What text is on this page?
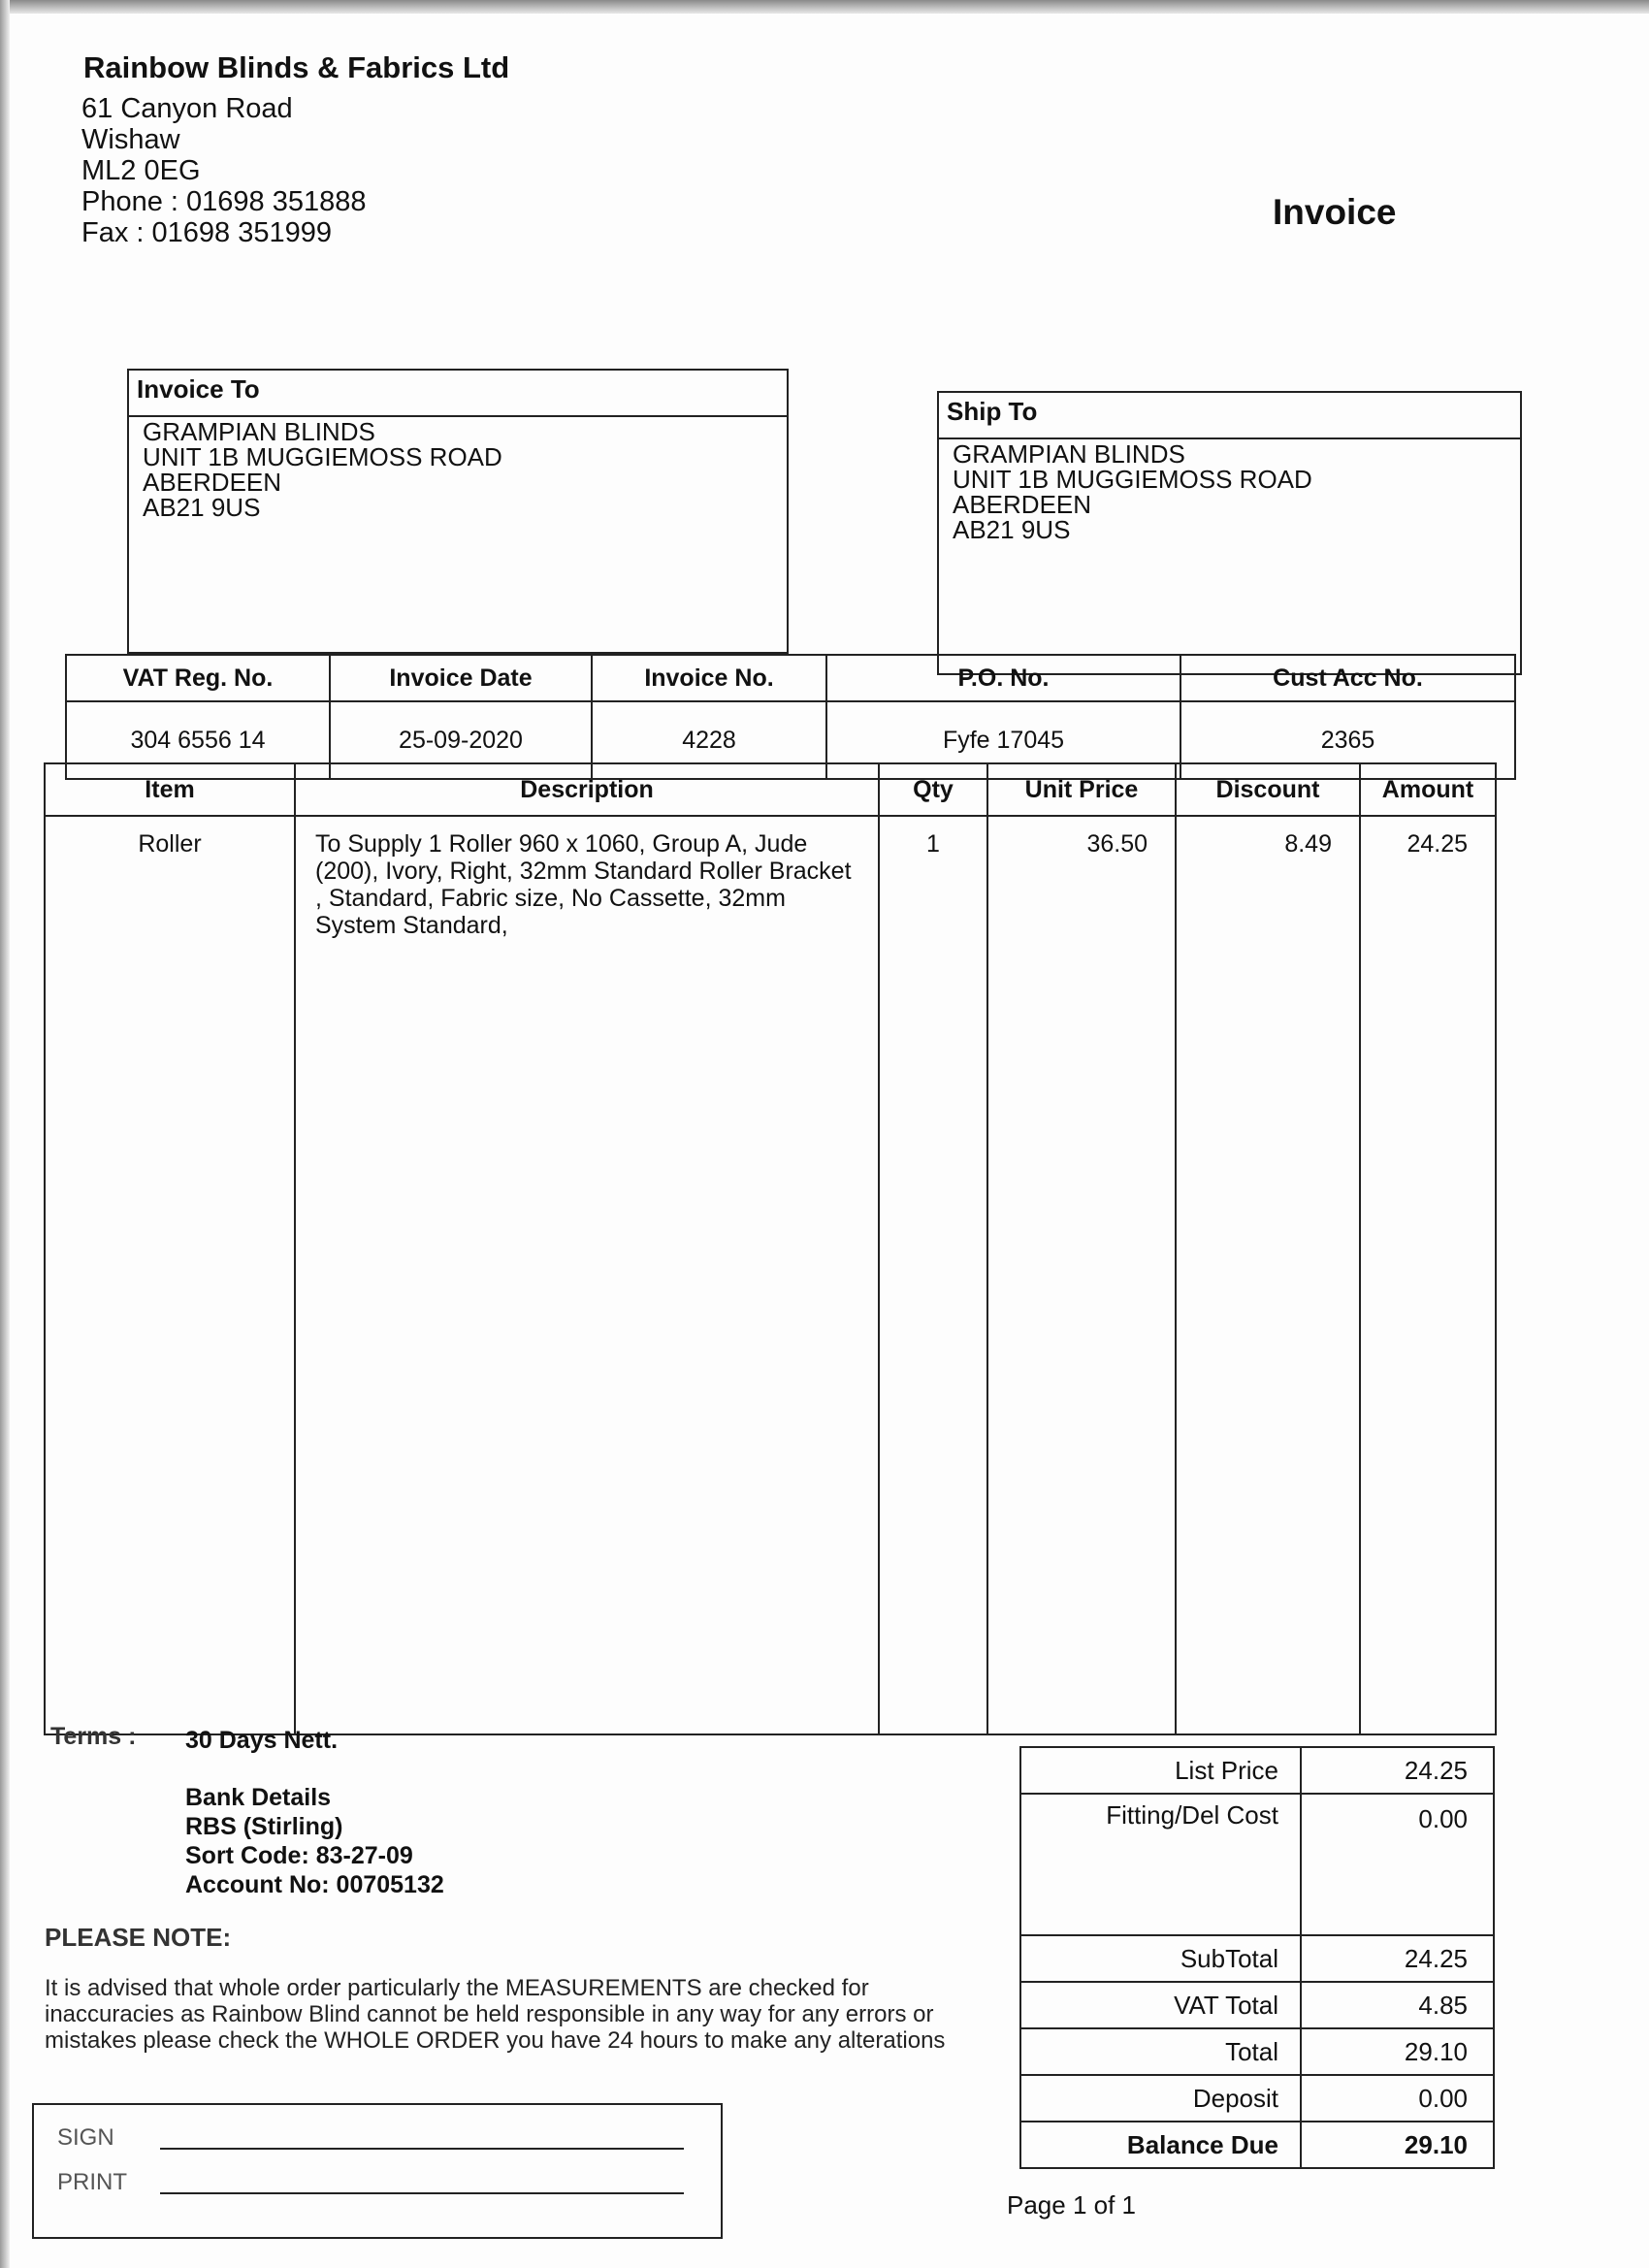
Rainbow Blinds & Fabrics Ltd
61 Canyon Road
Wishaw
ML2 0EG
Phone : 01698 351888
Fax : 01698 351999
Invoice
Invoice To
GRAMPIAN BLINDS
UNIT 1B MUGGIEMOSS ROAD
ABERDEEN
AB21 9US
Ship To
GRAMPIAN BLINDS
UNIT 1B MUGGIEMOSS ROAD
ABERDEEN
AB21 9US
VAT Reg. No.	Invoice Date	Invoice No.	P.O. No.	Cust Acc No.
304 6556 14	25-09-2020	4228	Fyfe 17045	2365
Item	Description	Qty	Unit Price	Discount	Amount
Roller	To Supply 1 Roller 960 x 1060, Group A, Jude (200), Ivory, Right, 32mm Standard Roller Bracket , Standard, Fabric size, No Cassette, 32mm System Standard,	1	36.50	8.49	24.25
Terms : 30 Days Nett.
Bank Details
RBS (Stirling)
Sort Code: 83-27-09
Account No: 00705132
List Price	24.25
Fitting/Del Cost	0.00
SubTotal	24.25
VAT Total	4.85
Total	29.10
Deposit	0.00
Balance Due	29.10
PLEASE NOTE:
It is advised that whole order particularly the MEASUREMENTS are checked for inaccuracies as Rainbow Blind cannot be held responsible in any way for any errors or mistakes please check the WHOLE ORDER you have 24 hours to make any alterations
SIGN
PRINT
Page 1 of 1
